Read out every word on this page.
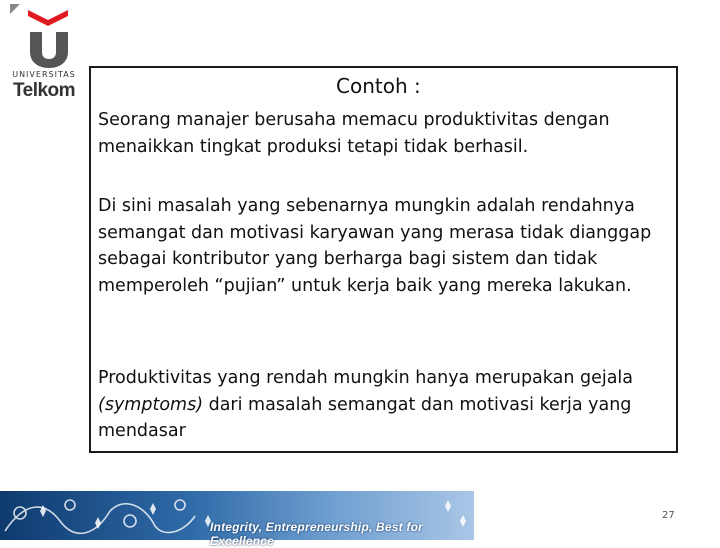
UNIVERSITAS
Telkom	Contoh :
Seorang manajer berusaha memacu produktivitas dengan menaikkan tingkat produksi tetapi tidak berhasil.
Di sini masalah yang sebenarnya mungkin adalah rendahnya semangat dan motivasi karyawan yang merasa tidak dianggap sebagai kontributor yang berharga bagi sistem dan tidak memperoleh “pujian” untuk kerja baik yang mereka lakukan.
Produktivitas yang rendah mungkin hanya merupakan gejala (symptoms) dari masalah semangat dan motivasi kerja yang mendasar
Integrity, Entrepreneurship, Best for Excellence
27
